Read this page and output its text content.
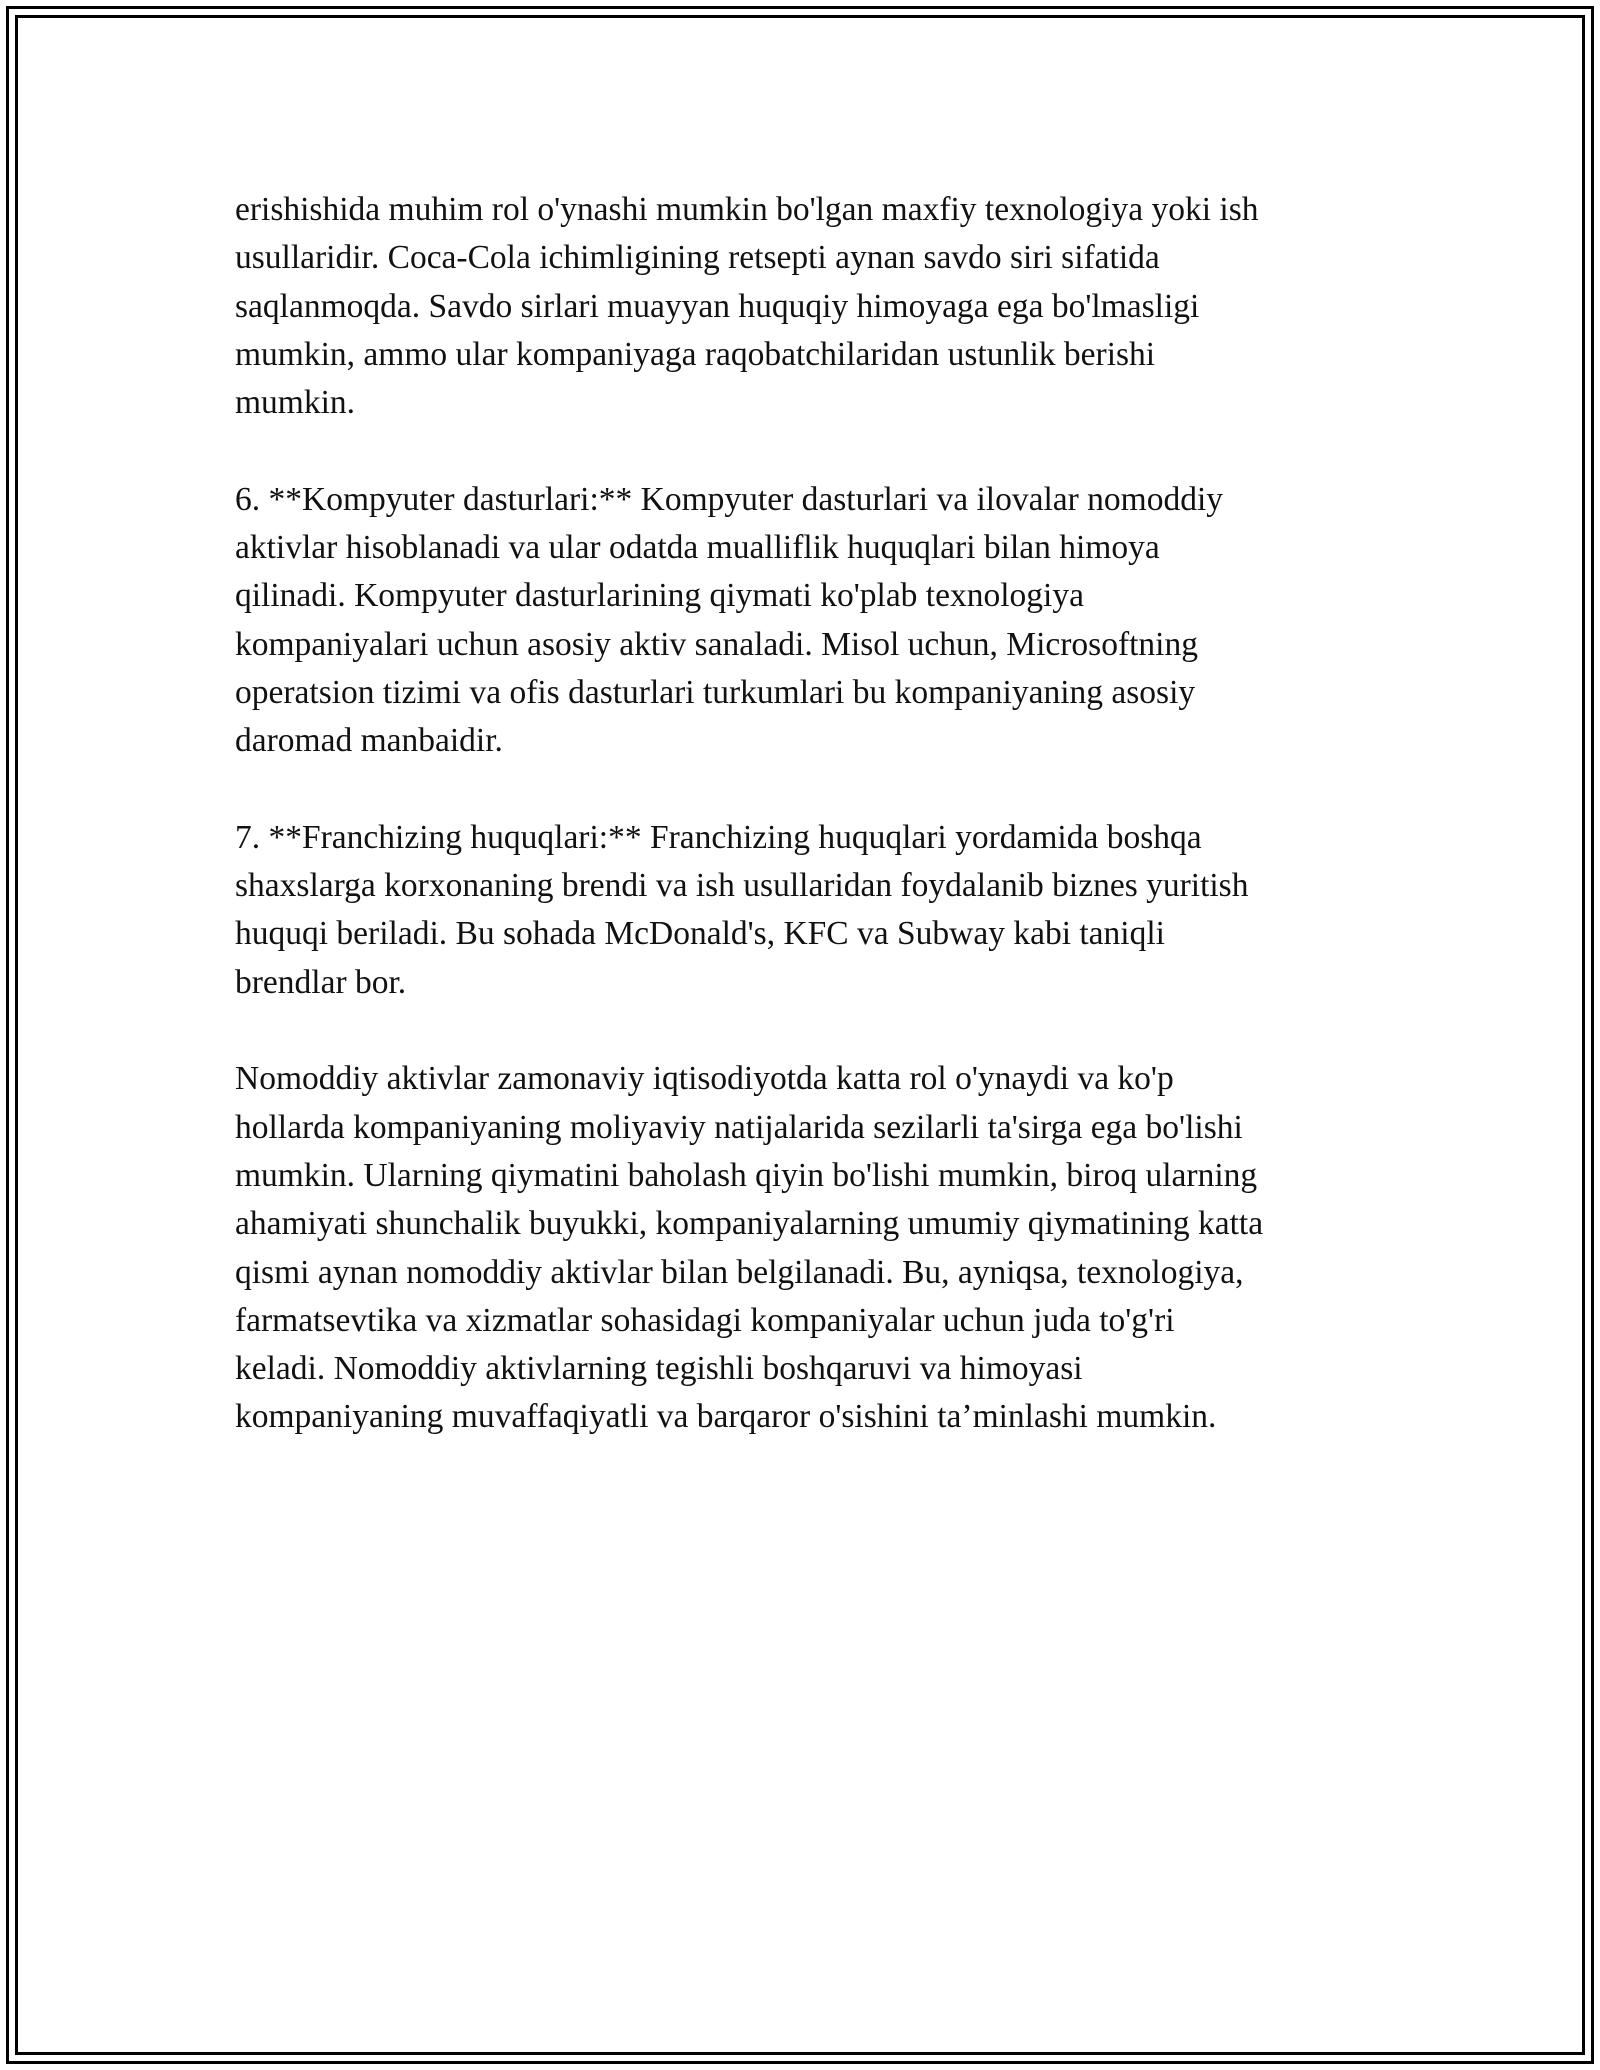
erishishida muhim rol o'ynashi mumkin bo'lgan maxfiy texnologiya yoki ish
usullaridir. Coca-Cola ichimligining retsepti aynan savdo siri sifatida
saqlanmoqda. Savdo sirlari muayyan huquqiy himoyaga ega bo'lmasligi
mumkin, ammo ular kompaniyaga raqobatchilaridan ustunlik berishi
mumkin.

6. **Kompyuter dasturlari:** Kompyuter dasturlari va ilovalar nomoddiy
aktivlar hisoblanadi va ular odatda mualliflik huquqlari bilan himoya
qilinadi. Kompyuter dasturlarining qiymati ko'plab texnologiya
kompaniyalari uchun asosiy aktiv sanaladi. Misol uchun, Microsoftning
operatsion tizimi va ofis dasturlari turkumlari bu kompaniyaning asosiy
daromad manbaidir.

7. **Franchizing huquqlari:** Franchizing huquqlari yordamida boshqa
shaxslarga korxonaning brendi va ish usullaridan foydalanib biznes yuritish
huquqi beriladi. Bu sohada McDonald's, KFC va Subway kabi taniqli
brendlar bor.

Nomoddiy aktivlar zamonaviy iqtisodiyotda katta rol o'ynaydi va ko'p
hollarda kompaniyaning moliyaviy natijalarida sezilarli ta'sirga ega bo'lishi
mumkin. Ularning qiymatini baholash qiyin bo'lishi mumkin, biroq ularning
ahamiyati shunchalik buyukki, kompaniyalarning umumiy qiymatining katta
qismi aynan nomoddiy aktivlar bilan belgilanadi. Bu, ayniqsa, texnologiya,
farmatsevtika va xizmatlar sohasidagi kompaniyalar uchun juda to'g'ri
keladi. Nomoddiy aktivlarning tegishli boshqaruvi va himoyasi
kompaniyaning muvaffaqiyatli va barqaror o'sishini ta’minlashi mumkin.
